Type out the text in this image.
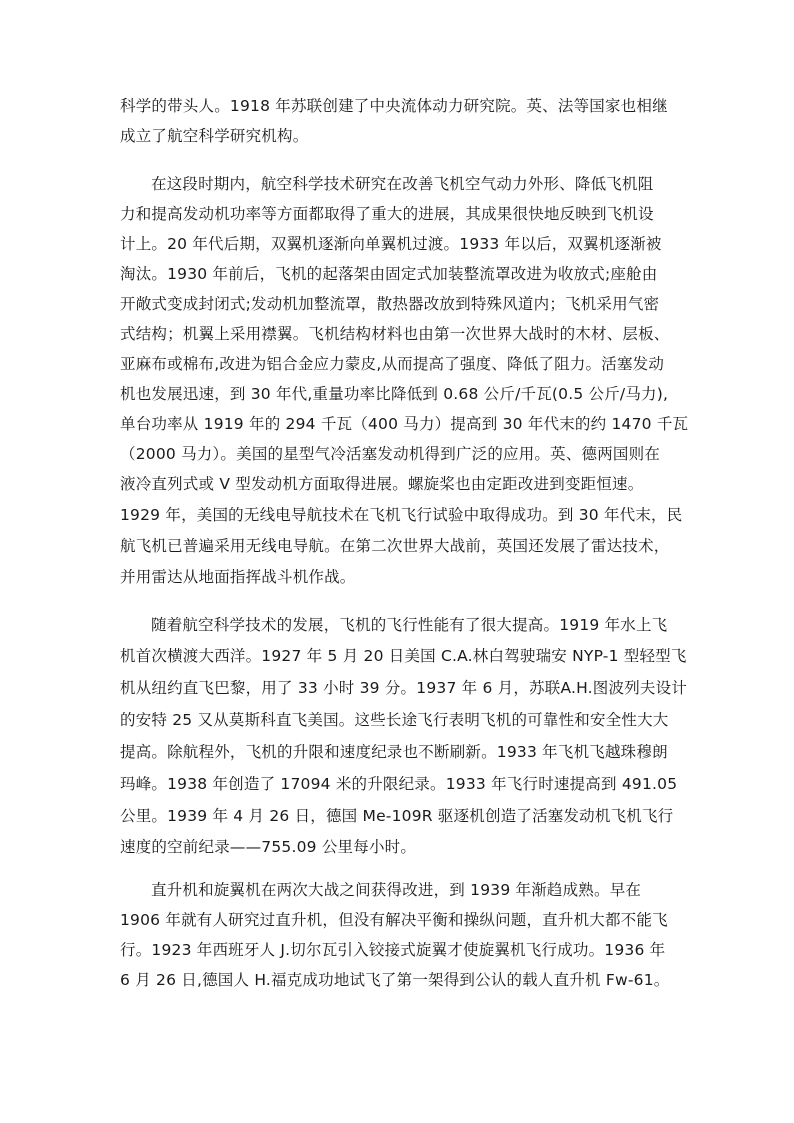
科学的带头人。1918 年苏联创建了中央流体动力研究院。英、法等国家也相继
成立了航空科学研究机构。
在这段时期内，航空科学技术研究在改善飞机空气动力外形、降低飞机阻
力和提高发动机功率等方面都取得了重大的进展，其成果很快地反映到飞机设
计上。20 年代后期，双翼机逐渐向单翼机过渡。1933 年以后，双翼机逐渐被
淘汰。1930 年前后，飞机的起落架由固定式加装整流罩改进为收放式;座舱由
开敞式变成封闭式;发动机加整流罩，散热器改放到特殊风道内；飞机采用气密
式结构；机翼上采用襟翼。飞机结构材料也由第一次世界大战时的木材、层板、
亚麻布或棉布,改进为铝合金应力蒙皮,从而提高了强度、降低了阻力。活塞发动
机也发展迅速，到 30 年代,重量功率比降低到 0.68 公斤/千瓦(0.5 公斤/马力),
单台功率从 1919 年的 294 千瓦（400 马力）提高到 30 年代末的约 1470 千瓦
（2000 马力）。美国的星型气冷活塞发动机得到广泛的应用。英、德两国则在
液冷直列式或 V 型发动机方面取得进展。螺旋桨也由定距改进到变距恒速。
1929 年，美国的无线电导航技术在飞机飞行试验中取得成功。到 30 年代末，民
航飞机已普遍采用无线电导航。在第二次世界大战前，英国还发展了雷达技术，
并用雷达从地面指挥战斗机作战。
随着航空科学技术的发展，飞机的飞行性能有了很大提高。1919 年水上飞
机首次横渡大西洋。1927 年 5 月 20 日美国 C.A.林白驾驶瑞安 NYP-1 型轻型飞
机从纽约直飞巴黎，用了 33 小时 39 分。1937 年 6 月，苏联A.H.图波列夫设计
的安特 25 又从莫斯科直飞美国。这些长途飞行表明飞机的可靠性和安全性大大
提高。除航程外，飞机的升限和速度纪录也不断刷新。1933 年飞机飞越珠穆朗
玛峰。1938 年创造了 17094 米的升限纪录。1933 年飞行时速提高到 491.05
公里。1939 年 4 月 26 日，德国 Me-109R 驱逐机创造了活塞发动机飞机飞行
速度的空前纪录——755.09 公里每小时。
直升机和旋翼机在两次大战之间获得改进，到 1939 年渐趋成熟。早在
1906 年就有人研究过直升机，但没有解决平衡和操纵问题，直升机大都不能飞
行。1923 年西班牙人 J.切尔瓦引入铰接式旋翼才使旋翼机飞行成功。1936 年
6 月 26 日,德国人 H.福克成功地试飞了第一架得到公认的载人直升机 Fw-61。
